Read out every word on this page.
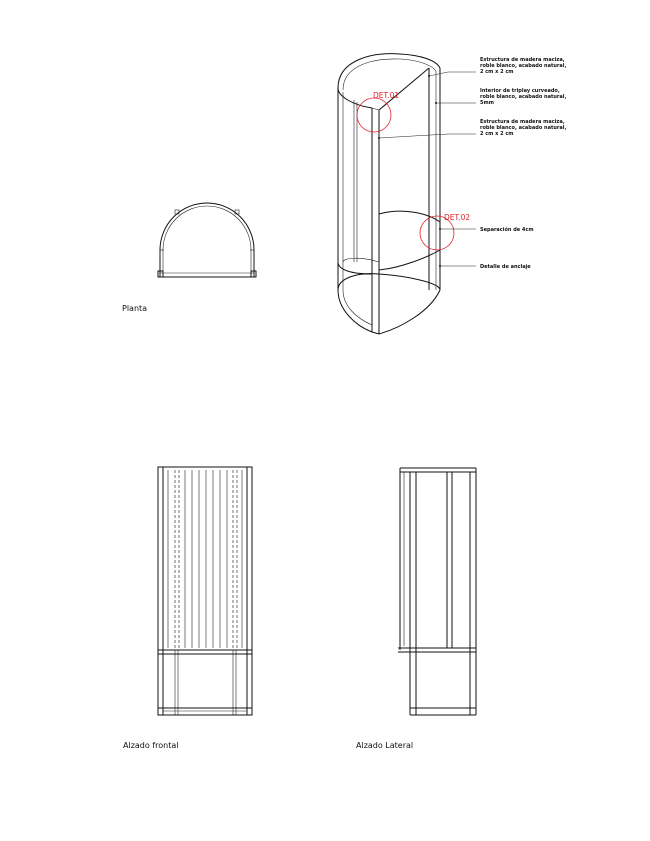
Planta
DET.01
DET.02
Estructura de madera maciza, roble blanco, acabado natural, 2 cm x 2 cm
Interior de triplay curveado, roble blanco, acabado natural, 5mm
Estructura de madera maciza, roble blanco, acabado natural, 2 cm x 2 cm
Separación de 4cm
Detalle de anclaje
Alzado frontal	Alzado Lateral
